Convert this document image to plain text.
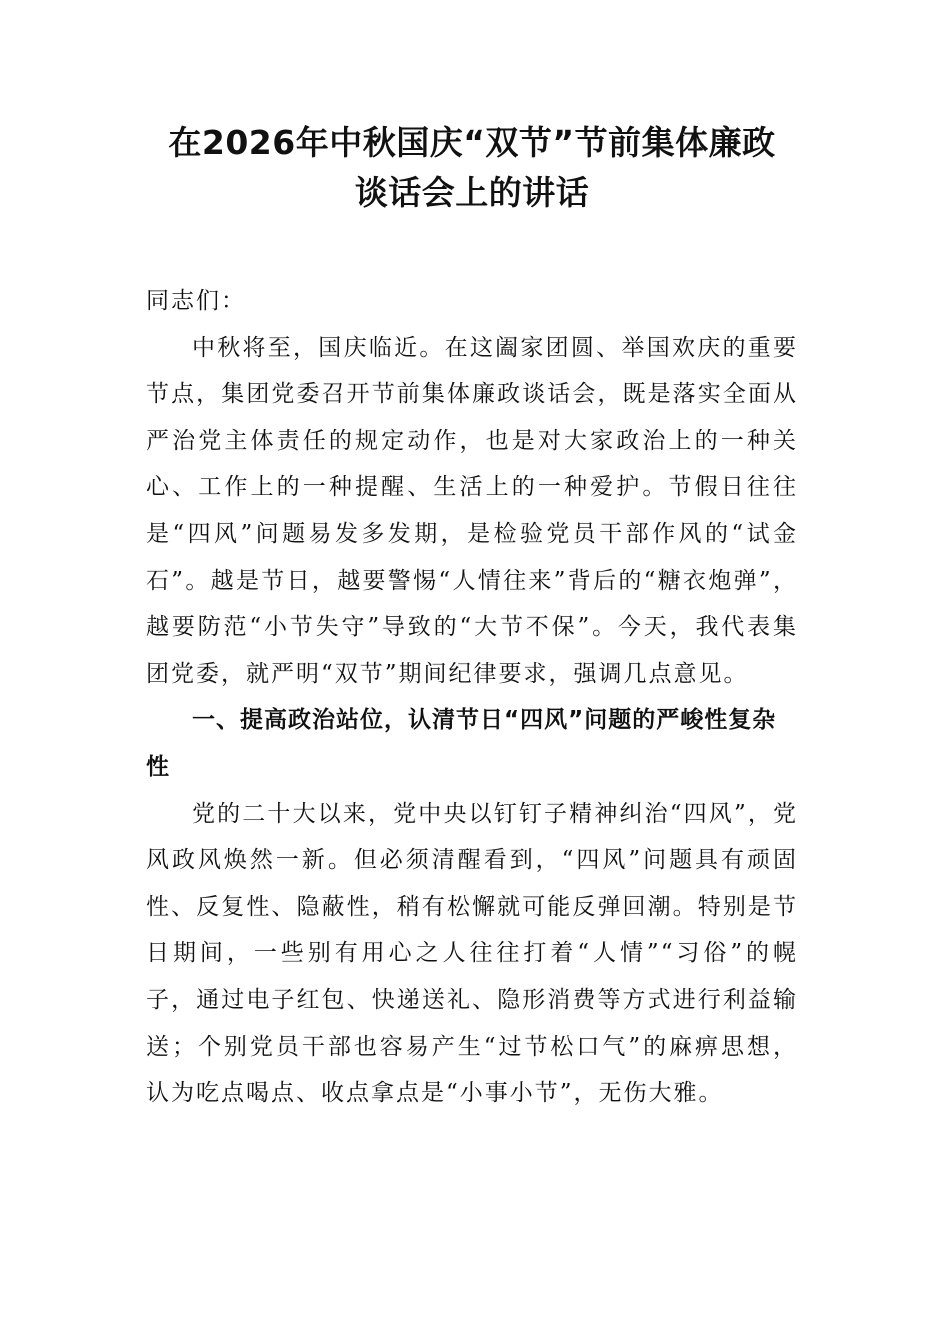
在2026年中秋国庆“双节”节前集体廉政
谈话会上的讲话

同志们：

中秋将至，国庆临近。在这阖家团圆、举国欢庆的重要节点，集团党委召开节前集体廉政谈话会，既是落实全面从严治党主体责任的规定动作，也是对大家政治上的一种关心、工作上的一种提醒、生活上的一种爱护。节假日往往是“四风”问题易发多发期，是检验党员干部作风的“试金石”。越是节日，越要警惕“人情往来”背后的“糖衣炮弹”，越要防范“小节失守”导致的“大节不保”。今天，我代表集团党委，就严明“双节”期间纪律要求，强调几点意见。

一、提高政治站位，认清节日“四风”问题的严峻性复杂性

党的二十大以来，党中央以钉钉子精神纠治“四风”，党风政风焕然一新。但必须清醒看到，“四风”问题具有顽固性、反复性、隐蔽性，稍有松懈就可能反弹回潮。特别是节日期间，一些别有用心之人往往打着“人情”“习俗”的幌子，通过电子红包、快递送礼、隐形消费等方式进行利益输送；个别党员干部也容易产生“过节松口气”的麻痹思想，认为吃点喝点、收点拿点是“小事小节”，无伤大雅。
